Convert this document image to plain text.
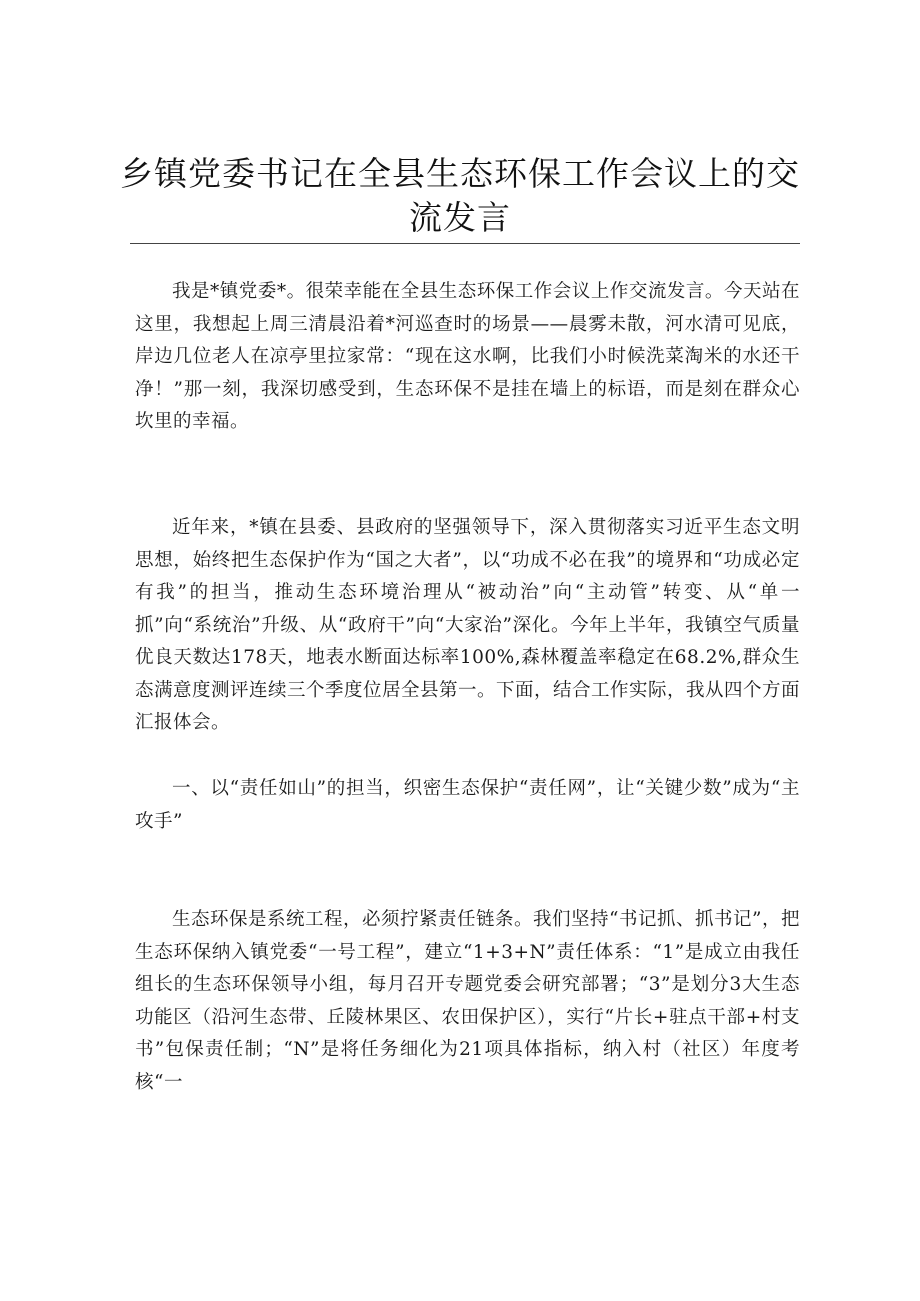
乡镇党委书记在全县生态环保工作会议上的交流发言

我是*镇党委*。很荣幸能在全县生态环保工作会议上作交流发言。今天站在这里，我想起上周三清晨沿着*河巡查时的场景——晨雾未散，河水清可见底，岸边几位老人在凉亭里拉家常：“现在这水啊，比我们小时候洗菜淘米的水还干净！”那一刻，我深切感受到，生态环保不是挂在墙上的标语，而是刻在群众心坎里的幸福。

近年来，*镇在县委、县政府的坚强领导下，深入贯彻落实习近平生态文明思想，始终把生态保护作为“国之大者”，以“功成不必在我”的境界和“功成必定有我”的担当，推动生态环境治理从“被动治”向“主动管”转变、从“单一抓”向“系统治”升级、从“政府干”向“大家治”深化。今年上半年，我镇空气质量优良天数达178天，地表水断面达标率100%,森林覆盖率稳定在68.2%,群众生态满意度测评连续三个季度位居全县第一。下面，结合工作实际，我从四个方面汇报体会。

一、以“责任如山”的担当，织密生态保护“责任网”，让“关键少数”成为“主攻手”

生态环保是系统工程，必须拧紧责任链条。我们坚持“书记抓、抓书记”，把生态环保纳入镇党委“一号工程”，建立“1+3+N”责任体系：“1”是成立由我任组长的生态环保领导小组，每月召开专题党委会研究部署；“3”是划分3大生态功能区（沿河生态带、丘陵林果区、农田保护区），实行“片长+驻点干部+村支书”包保责任制；“N”是将任务细化为21项具体指标，纳入村（社区）年度考核“一
